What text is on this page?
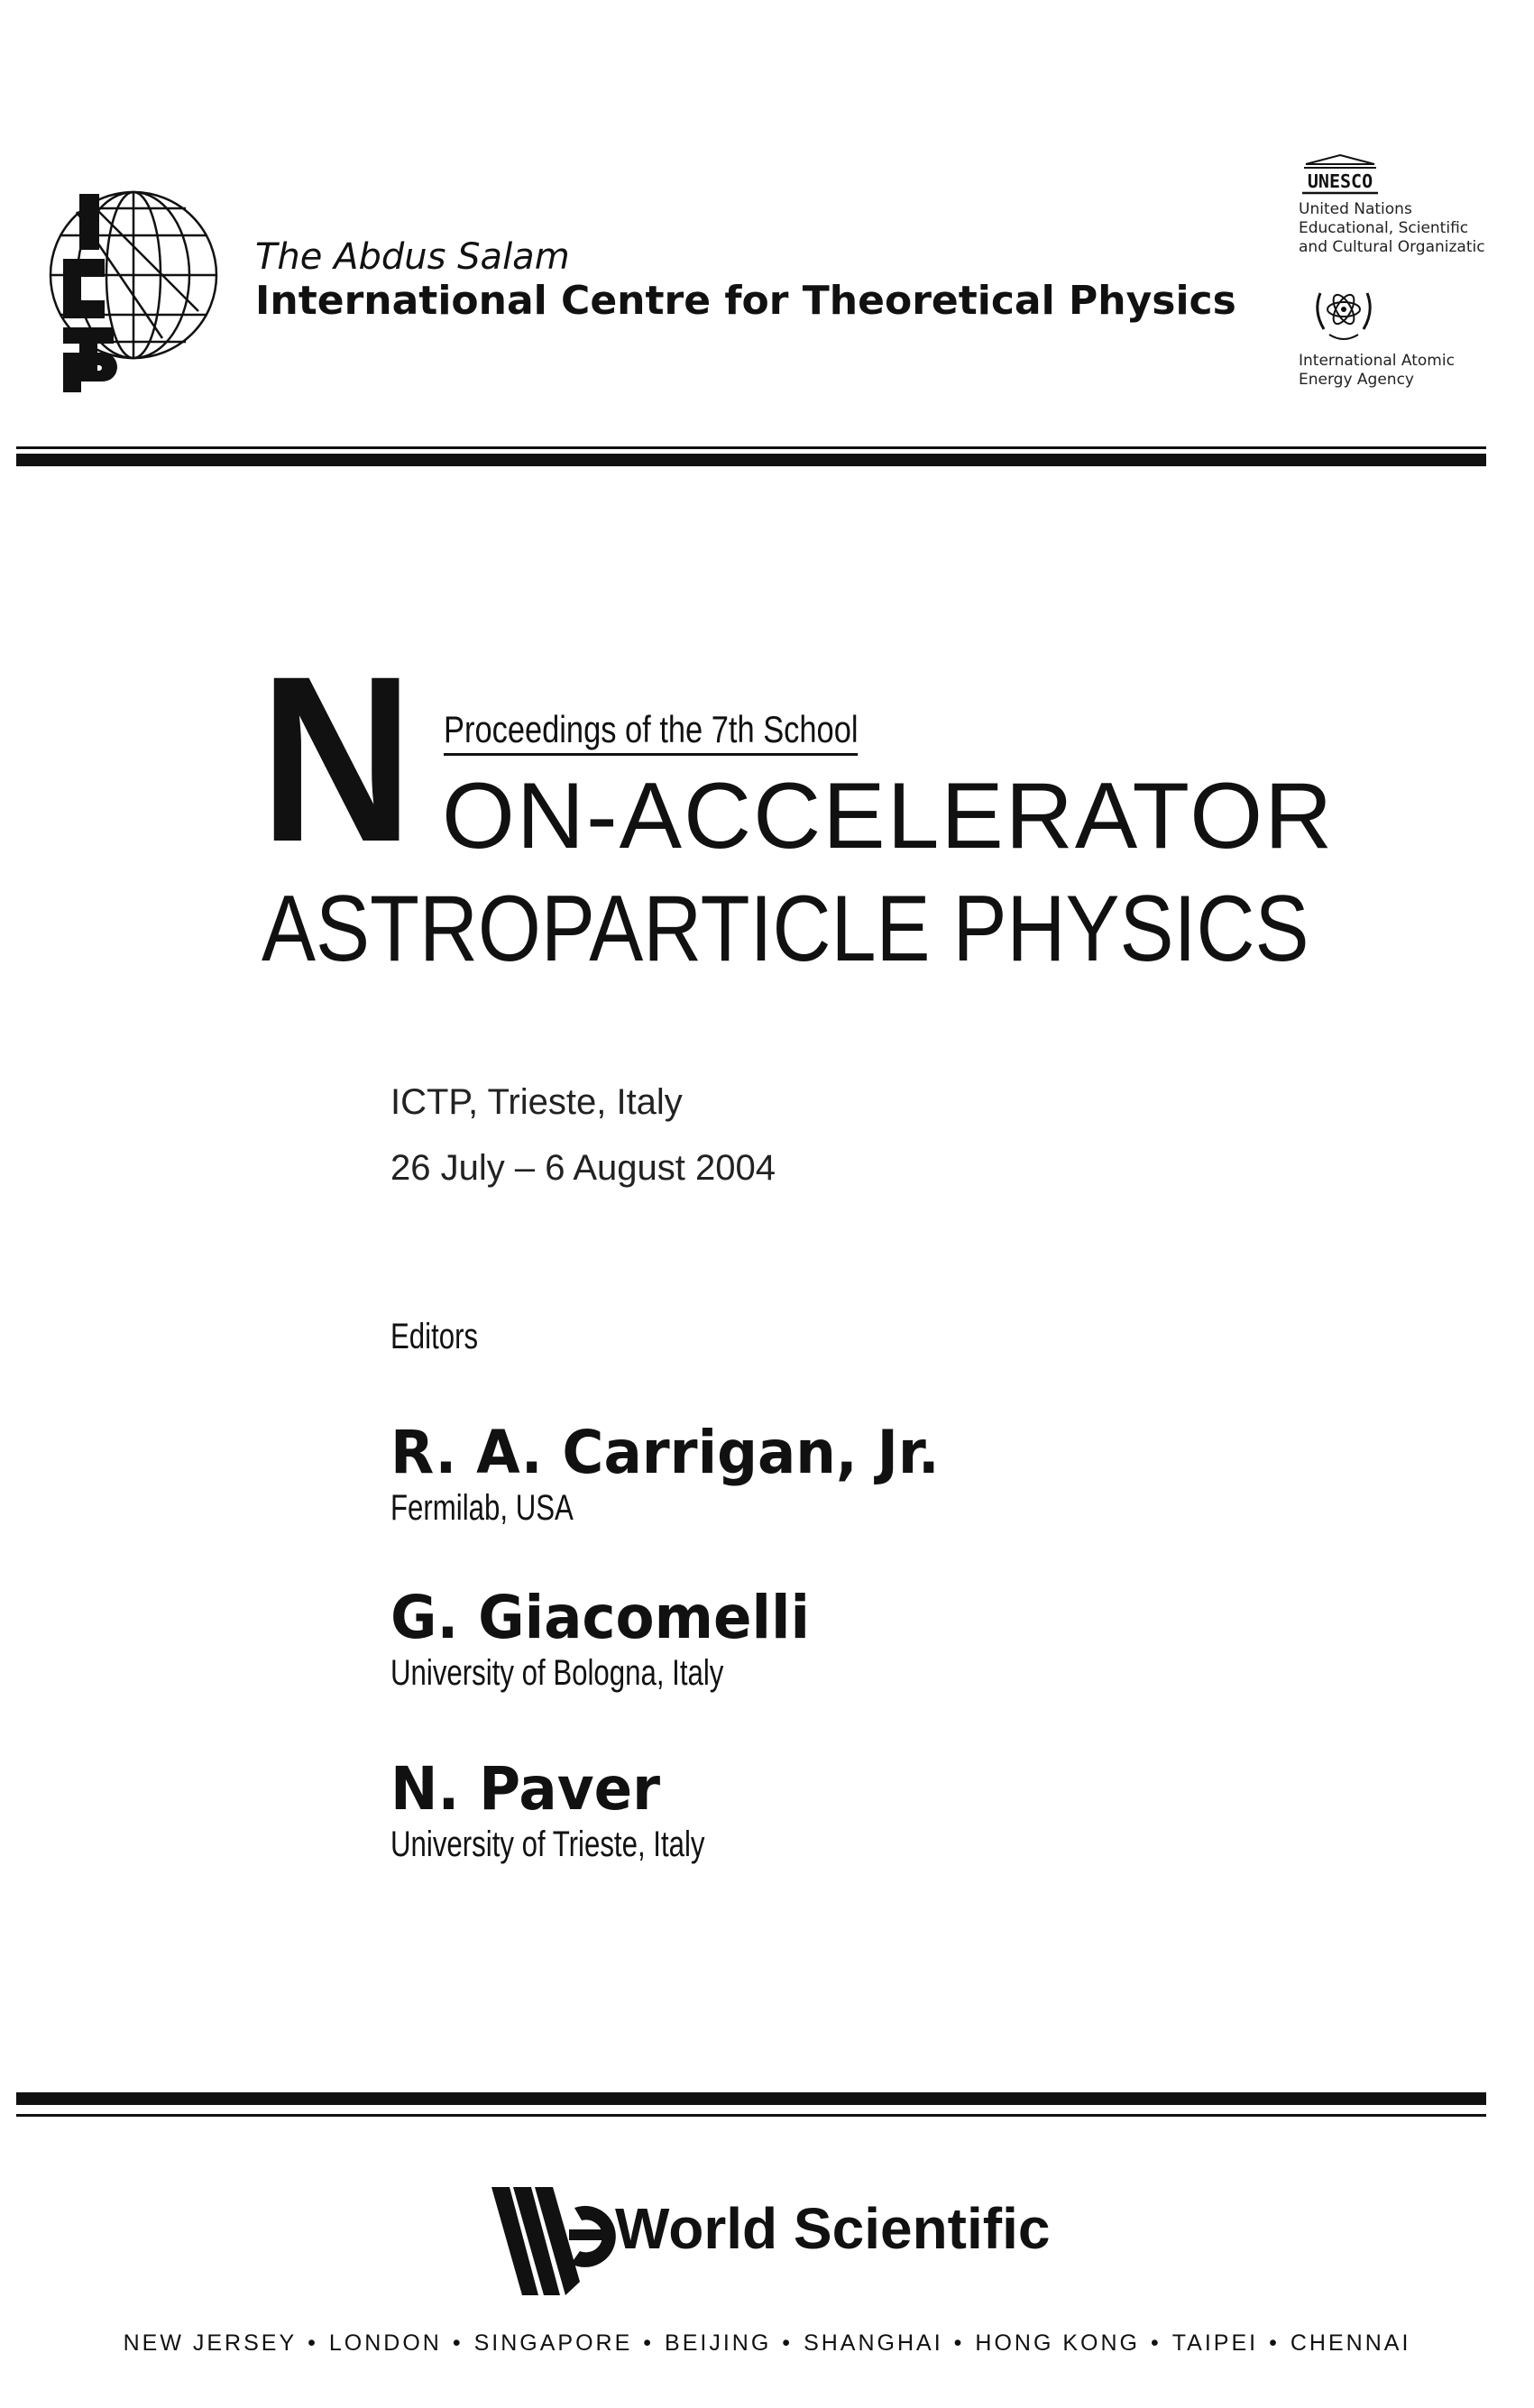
The Abdus Salam
International Centre for Theoretical Physics
UNESCO
United Nations
Educational, Scientific
and Cultural Organizatic
International Atomic
Energy Agency
N Proceedings of the 7th School
ON-ACCELERATOR
ASTROPARTICLE PHYSICS
ICTP, Trieste, Italy
26 July – 6 August 2004
Editors
R. A. Carrigan, Jr.
Fermilab, USA
G. Giacomelli
University of Bologna, Italy
N. Paver
University of Trieste, Italy
World Scientific
NEW JERSEY • LONDON • SINGAPORE • BEIJING • SHANGHAI • HONG KONG • TAIPEI • CHENNAI
